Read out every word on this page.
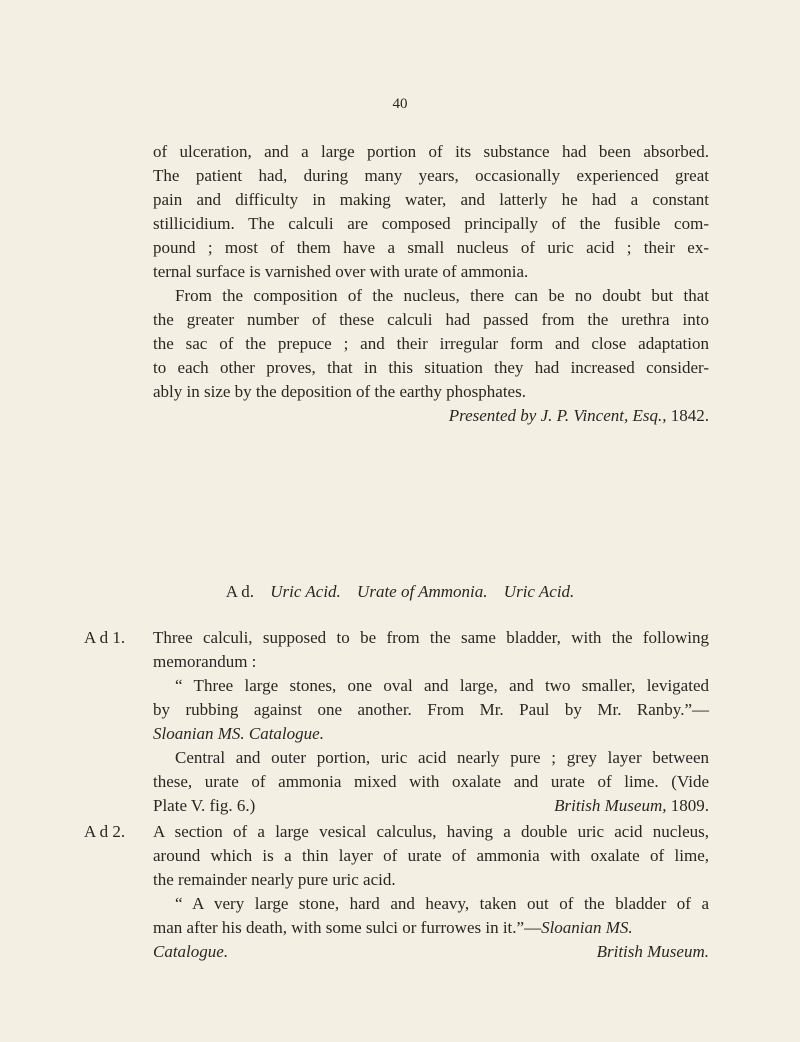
40
of ulceration, and a large portion of its substance had been absorbed.
The patient had, during many years, occasionally experienced great
pain and difficulty in making water, and latterly he had a constant
stillicidium. The calculi are composed principally of the fusible com-
pound ; most of them have a small nucleus of uric acid ; their ex-
ternal surface is varnished over with urate of ammonia.
From the composition of the nucleus, there can be no doubt but that
the greater number of these calculi had passed from the urethra into
the sac of the prepuce ; and their irregular form and close adaptation
to each other proves, that in this situation they had increased consider-
ably in size by the deposition of the earthy phosphates.
Presented by J. P. Vincent, Esq., 1842.
A d. Uric Acid. Urate of Ammonia. Uric Acid.
A d 1. Three calculi, supposed to be from the same bladder, with the following
memorandum :
“ Three large stones, one oval and large, and two smaller, levigated
by rubbing against one another. From Mr. Paul by Mr. Ranby.”—
Sloanian MS. Catalogue.
Central and outer portion, uric acid nearly pure ; grey layer between
these, urate of ammonia mixed with oxalate and urate of lime. (Vide
Plate V. fig. 6.)	British Museum, 1809.
A d 2. A section of a large vesical calculus, having a double uric acid nucleus,
around which is a thin layer of urate of ammonia with oxalate of lime,
the remainder nearly pure uric acid.
“ A very large stone, hard and heavy, taken out of the bladder of a
man after his death, with some sulci or furrowes in it.”—Sloanian MS.
Catalogue.	British Museum.
